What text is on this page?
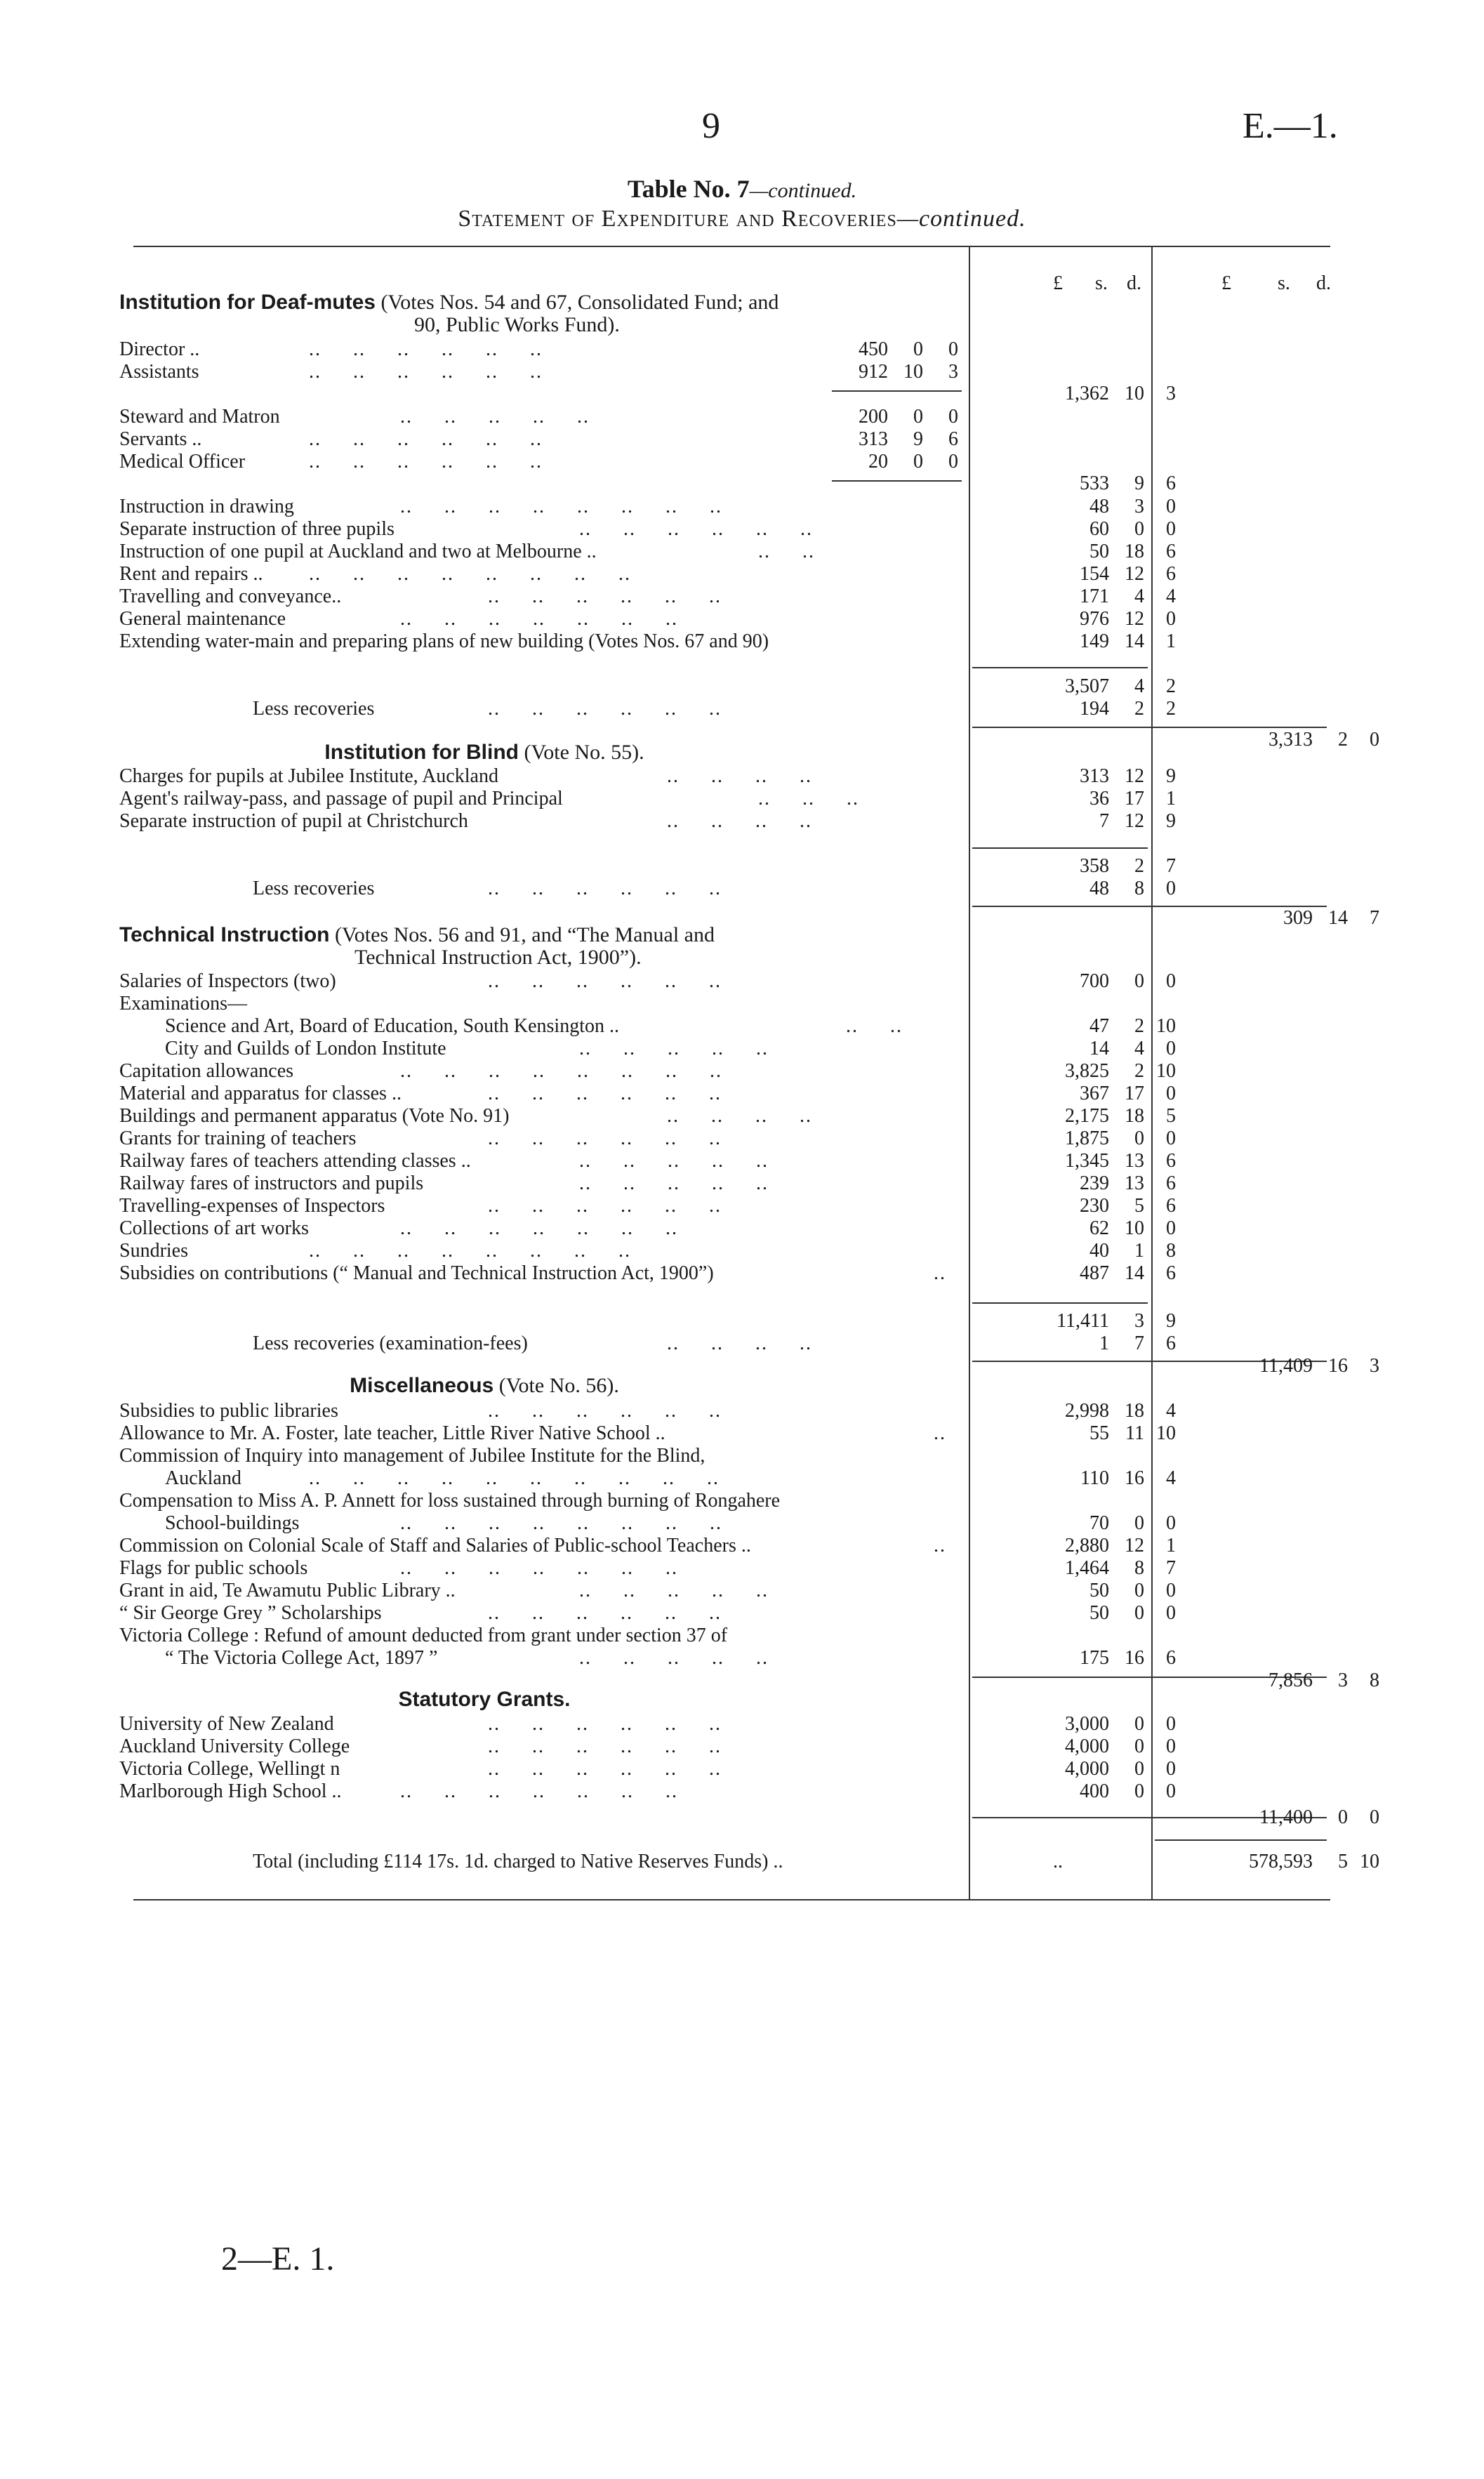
9	E.—1.
Table No. 7—continued.
Statement of Expenditure and Recoveries—continued.
£ s. d.	£ s. d.
Institution for Deaf-mutes (Votes Nos. 54 and 67, Consolidated Fund; and
90, Public Works Fund).
Director ..	..     ..     ..     ..     ..     ..	450	0	0
Assistants	..     ..     ..     ..     ..     ..	912 10	3
1,362 10	3
Steward and Matron	..     ..     ..     ..     ..	200	0	0
Servants ..	..     ..     ..     ..     ..     ..	313	9	6
Medical Officer	..     ..     ..     ..     ..     ..	20	0	0
533	9	6
Instruction in drawing	..     ..     ..     ..     ..     ..     ..     ..	48	3	0
Separate instruction of three pupils	..     ..     ..     ..     ..     ..	60	0	0
Instruction of one pupil at Auckland and two at Melbourne ..	..     ..	50 18	6
Rent and repairs .. ..     ..     ..     ..     ..     ..     ..     ..	154 12	6
Travelling and conveyance..	..     ..     ..     ..     ..     ..	171	4	4
General maintenance	..     ..     ..     ..     ..     ..     ..	976 12	0
Extending water-main and preparing plans of new building (Votes Nos. 67 and 90)	149 14	1
3,507	4	2
Less recoveries	..     ..     ..     ..     ..     ..	194	2	2
3,313	2	0
Institution for Blind (Vote No. 55).
Charges for pupils at Jubilee Institute, Auckland	..     ..     ..     ..	313 12	9
Agent's railway-pass, and passage of pupil and Principal	..     ..     ..	36 17	1
Separate instruction of pupil at Christchurch	..     ..     ..     ..	7 12	9
358	2	7
Less recoveries	..     ..     ..     ..     ..     ..	48	8	0
309 14	7
Technical Instruction (Votes Nos. 56 and 91, and “The Manual and
Technical Instruction Act, 1900”).
Salaries of Inspectors (two)	..     ..     ..     ..     ..     ..	700	0	0
Examinations—
Science and Art, Board of Education, South Kensington ..	..     ..	47	2 10
City and Guilds of London Institute	..     ..     ..     ..     ..	14	4	0
Capitation allowances	..     ..     ..     ..     ..     ..     ..     ..	3,825	2 10
Material and apparatus for classes ..	..     ..     ..     ..     ..     ..	367 17	0
Buildings and permanent apparatus (Vote No. 91)	..     ..     ..     ..	2,175 18	5
Grants for training of teachers	..     ..     ..     ..     ..     ..	1,875	0	0
Railway fares of teachers attending classes ..	..     ..     ..     ..     ..	1,345 13	6
Railway fares of instructors and pupils	..     ..     ..     ..     ..	239 13	6
Travelling-expenses of Inspectors	..     ..     ..     ..     ..     ..	230	5	6
Collections of art works	..     ..     ..     ..     ..     ..     ..	62 10	0
Sundries	..     ..     ..     ..     ..     ..     ..     ..	40	1	8
Subsidies on contributions (“ Manual and Technical Instruction Act, 1900”)	..	487 14	6
11,411	3	9
Less recoveries (examination-fees)	..     ..     ..     ..	1	7	6
11,409 16	3
Miscellaneous (Vote No. 56).
Subsidies to public libraries	..     ..     ..     ..     ..     ..	2,998 18	4
Allowance to Mr. A. Foster, late teacher, Little River Native School ..	..	55 11 10
Commission of Inquiry into management of Jubilee Institute for the Blind,
Auckland	..     ..     ..     ..     ..     ..     ..     ..     ..     ..	110 16	4
Compensation to Miss A. P. Annett for loss sustained through burning of Rongahere
School-buildings	..     ..     ..     ..     ..     ..     ..     ..	70	0	0
Commission on Colonial Scale of Staff and Salaries of Public-school Teachers ..	..	2,880 12	1
Flags for public schools	..     ..     ..     ..     ..     ..     ..	1,464	8	7
Grant in aid, Te Awamutu Public Library ..	..     ..     ..     ..     ..	50	0	0
“ Sir George Grey ” Scholarships	..     ..     ..     ..     ..     ..	50	0	0
Victoria College : Refund of amount deducted from grant under section 37 of
“ The Victoria College Act, 1897 ”	..     ..     ..     ..     ..	175 16	6
7,856	3	8
Statutory Grants.
University of New Zealand	..     ..     ..     ..     ..     ..	3,000	0	0
Auckland University College	..     ..     ..     ..     ..     ..	4,000	0	0
Victoria College, Wellingt n	..     ..     ..     ..     ..     ..	4,000	0	0
Marlborough High School ..	..     ..     ..     ..     ..     ..     ..	400	0	0
11,400	0	0
Total (including £114 17s. 1d. charged to Native Reserves Funds) ..	..	578,593	5 10
2—E. 1.
